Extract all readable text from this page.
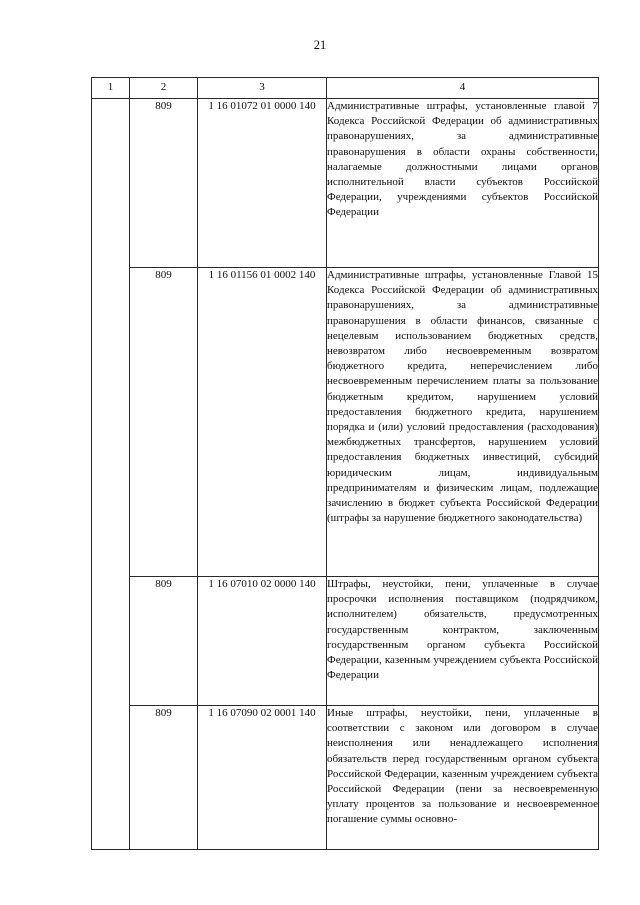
21
1	2	3	4
	809	1 16 01072 01 0000 140	Административные штрафы, установленные главой 7 Кодекса Российской Федерации об административных правонарушениях, за административные правонарушения в области охраны собственности, налагаемые должностными лицами органов исполнительной власти субъектов Российской Федерации, учреждениями субъектов Российской Федерации
	809	1 16 01156 01 0002 140	Административные штрафы, установленные Главой 15 Кодекса Российской Федерации об административных правонарушениях, за административные правонарушения в области финансов, связанные с нецелевым использованием бюджетных средств, невозвратом либо несвоевременным возвратом бюджетного кредита, неперечислением либо несвоевременным перечислением платы за пользование бюджетным кредитом, нарушением условий предоставления бюджетного кредита, нарушением порядка и (или) условий предоставления (расходования) межбюджетных трансфертов, нарушением условий предоставления бюджетных инвестиций, субсидий юридическим лицам, индивидуальным предпринимателям и физическим лицам, подлежащие зачислению в бюджет субъекта Российской Федерации (штрафы за нарушение бюджетного законодательства)
	809	1 16 07010 02 0000 140	Штрафы, неустойки, пени, уплаченные в случае просрочки исполнения поставщиком (подрядчиком, исполнителем) обязательств, предусмотренных государственным контрактом, заключенным государственным органом субъекта Российской Федерации, казенным учреждением субъекта Российской Федерации
	809	1 16 07090 02 0001 140	Иные штрафы, неустойки, пени, уплаченные в соответствии с законом или договором в случае неисполнения или ненадлежащего исполнения обязательств перед государственным органом субъекта Российской Федерации, казенным учреждением субъекта Российской Федерации (пени за несвоевременную уплату процентов за пользование и несвоевременное погашение суммы основно-
